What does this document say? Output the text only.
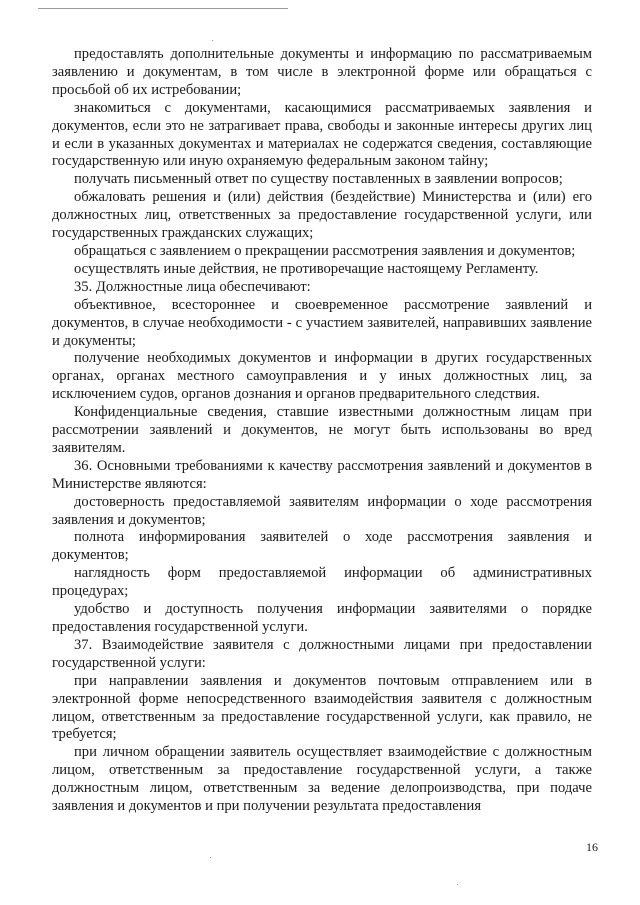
предоставлять дополнительные документы и информацию по рассматриваемым заявлению и документам, в том числе в электронной форме или обращаться с просьбой об их истребовании;

знакомиться с документами, касающимися рассматриваемых заявления и документов, если это не затрагивает права, свободы и законные интересы других лиц и если в указанных документах и материалах не содержатся сведения, составляющие государственную или иную охраняемую федеральным законом тайну;

получать письменный ответ по существу поставленных в заявлении вопросов;

обжаловать решения и (или) действия (бездействие) Министерства и (или) его должностных лиц, ответственных за предоставление государственной услуги, или государственных гражданских служащих;

обращаться с заявлением о прекращении рассмотрения заявления и документов;

осуществлять иные действия, не противоречащие настоящему Регламенту.

35. Должностные лица обеспечивают:

объективное, всестороннее и своевременное рассмотрение заявлений и документов, в случае необходимости - с участием заявителей, направивших заявление и документы;

получение необходимых документов и информации в других государственных органах, органах местного самоуправления и у иных должностных лиц, за исключением судов, органов дознания и органов предварительного следствия.

Конфиденциальные сведения, ставшие известными должностным лицам при рассмотрении заявлений и документов, не могут быть использованы во вред заявителям.

36. Основными требованиями к качеству рассмотрения заявлений и документов в Министерстве являются:

достоверность предоставляемой заявителям информации о ходе рассмотрения заявления и документов;

полнота информирования заявителей о ходе рассмотрения заявления и документов;

наглядность форм предоставляемой информации об административных процедурах;

удобство и доступность получения информации заявителями о порядке предоставления государственной услуги.

37. Взаимодействие заявителя с должностными лицами при предоставлении государственной услуги:

при направлении заявления и документов почтовым отправлением или в электронной форме непосредственного взаимодействия заявителя с должностным лицом, ответственным за предоставление государственной услуги, как правило, не требуется;

при личном обращении заявитель осуществляет взаимодействие с должностным лицом, ответственным за предоставление государственной услуги, а также должностным лицом, ответственным за ведение делопроизводства, при подаче заявления и документов и при получении результата предоставления

16
